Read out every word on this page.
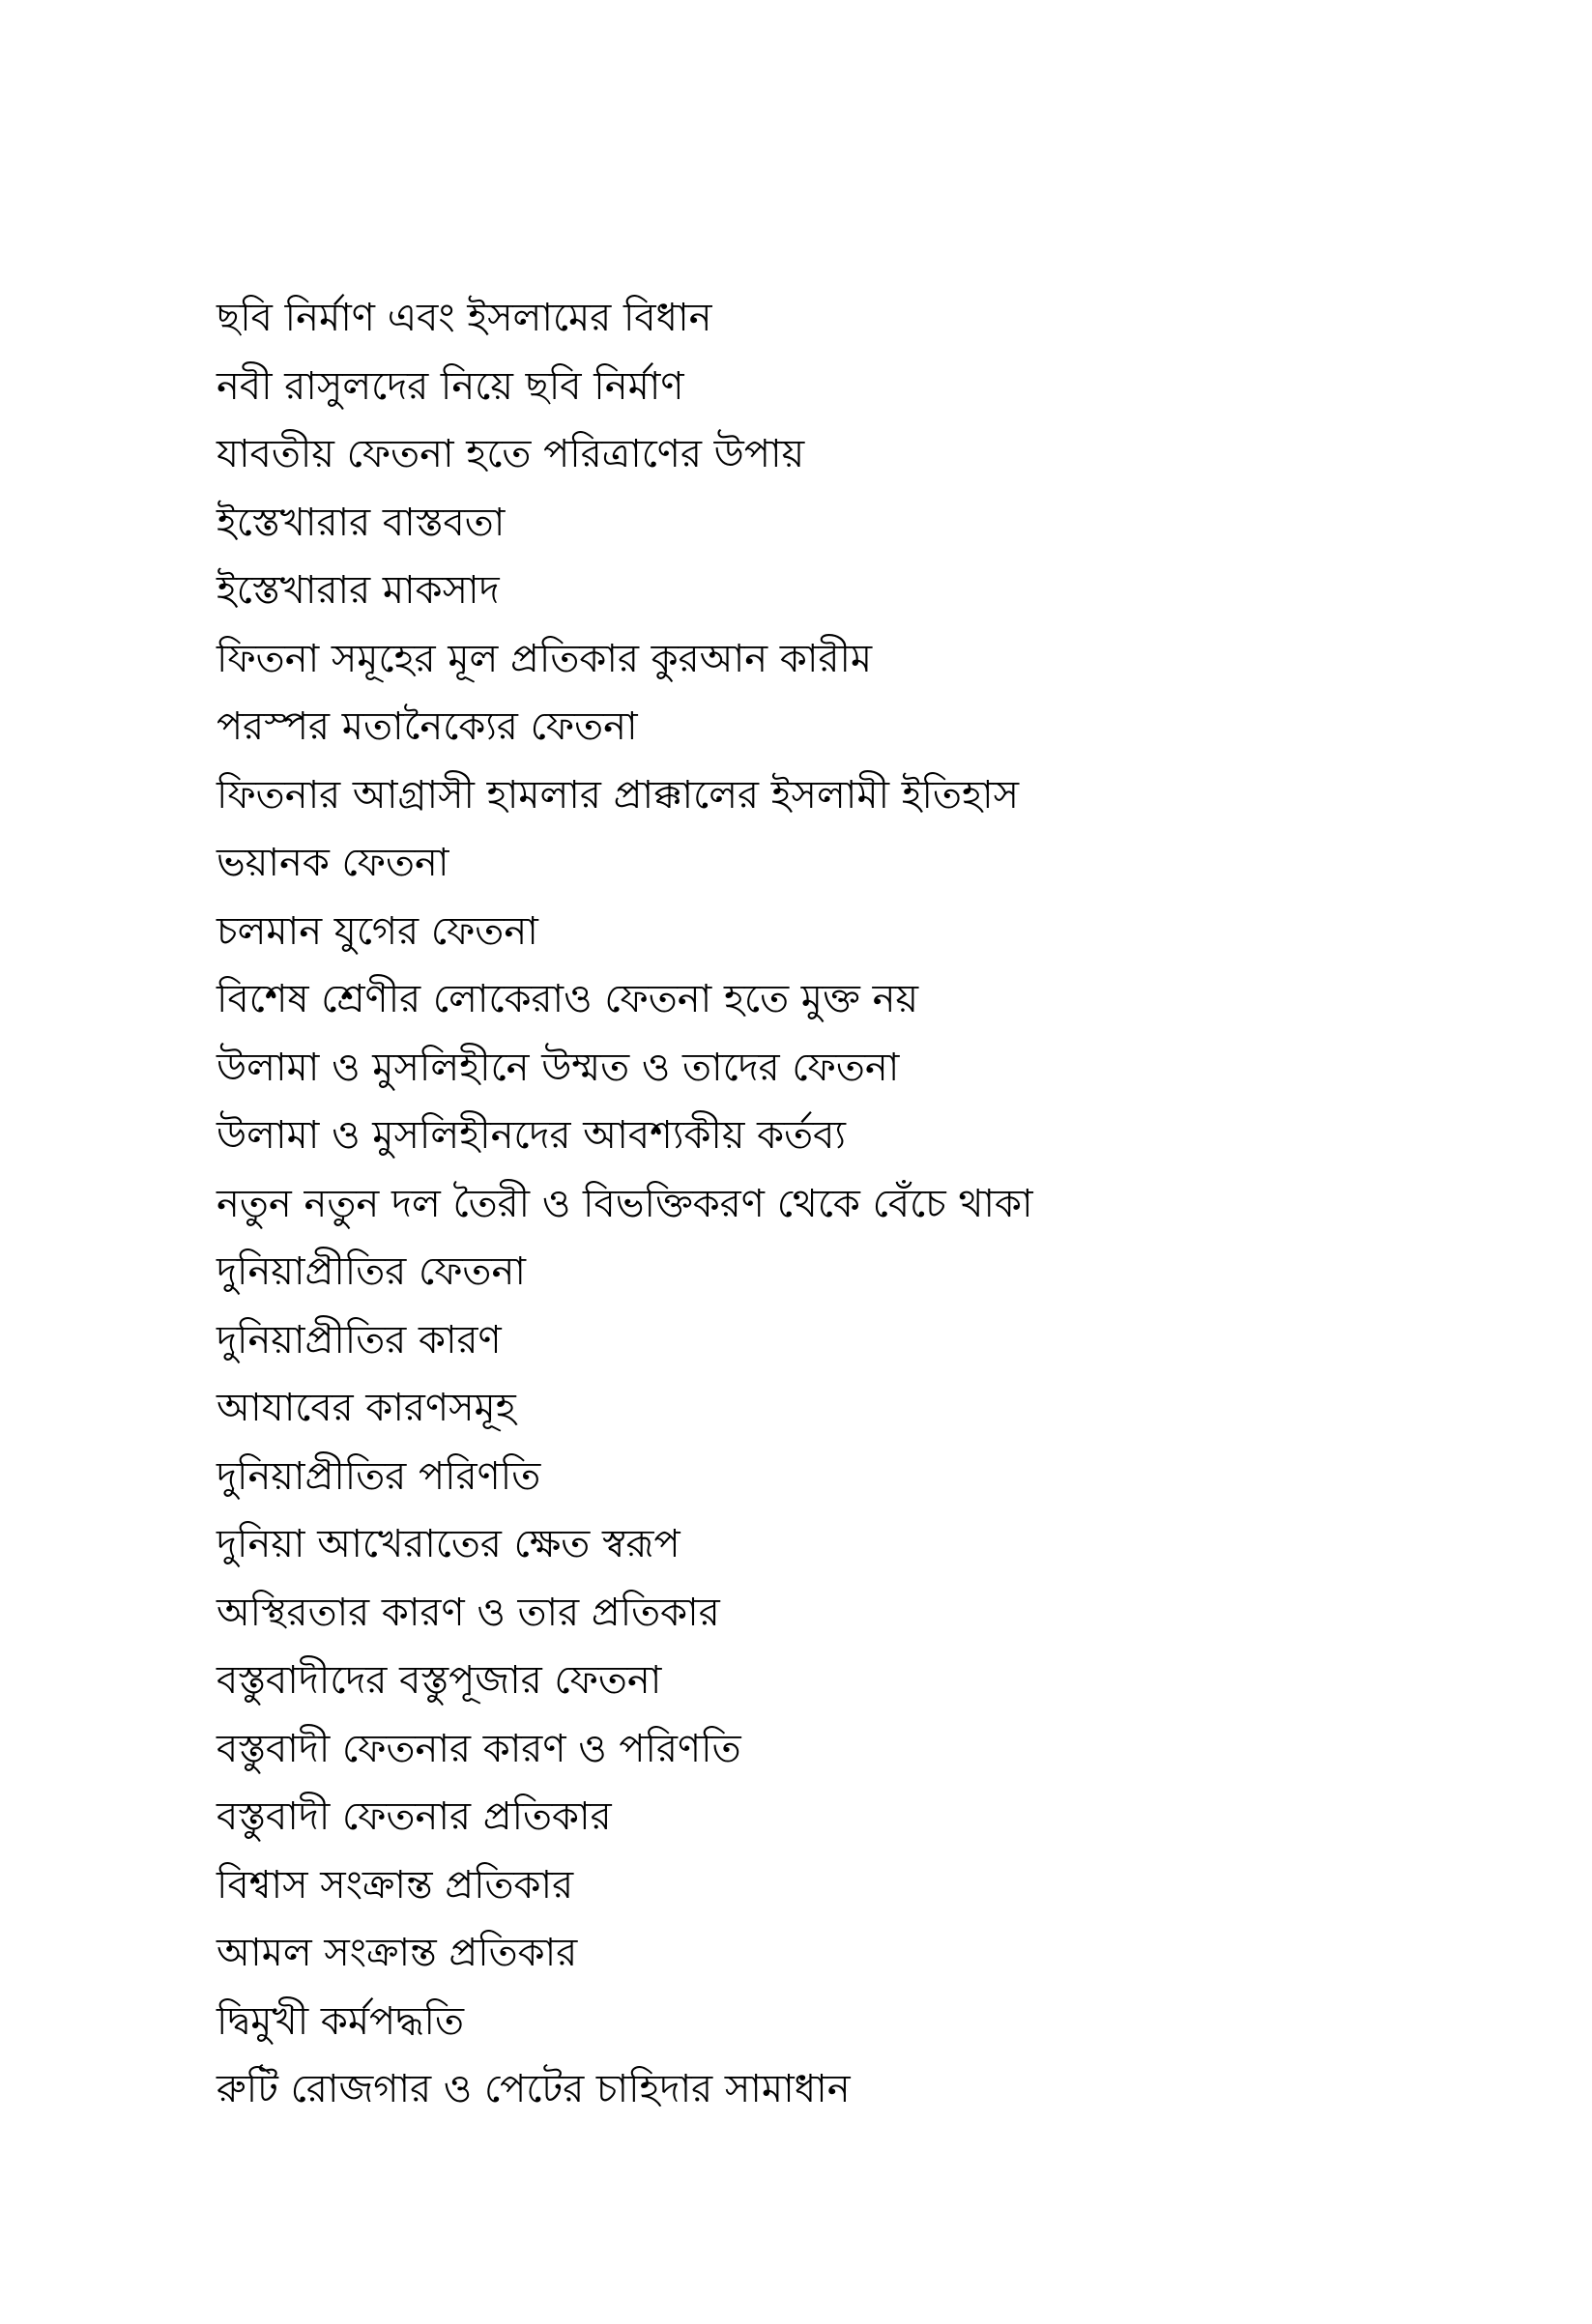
ছবি নির্মাণ এবং ইসলামের বিধান
নবী রাসুলদের নিয়ে ছবি নির্মাণ
যাবতীয় ফেতনা হতে পরিত্রাণের উপায়
ইস্তেখারার বাস্তবতা
ইস্তেখারার মাকসাদ
ফিতনা সমূহের মূল প্রতিকার কুরআন কারীম
পরস্পর মতানৈক্যের ফেতনা
ফিতনার আগ্রাসী হামলার প্রাক্কালের ইসলামী ইতিহাস
ভয়ানক ফেতনা
চলমান যুগের ফেতনা
বিশেষ শ্রেণীর লোকেরাও ফেতনা হতে মুক্ত নয়
উলামা ও মুসলিহীনে উম্মত ও তাদের ফেতনা
উলামা ও মুসলিহীনদের আবশ্যকীয় কর্তব্য
নতুন নতুন দল তৈরী ও বিভক্তিকরণ থেকে বেঁচে থাকা
দুনিয়াপ্রীতির ফেতনা
দুনিয়াপ্রীতির কারণ
আযাবের কারণসমূহ
দুনিয়াপ্রীতির পরিণতি
দুনিয়া আখেরাতের ক্ষেত স্বরূপ
অস্থিরতার কারণ ও তার প্রতিকার
বস্তুবাদীদের বস্তুপূজার ফেতনা
বস্তুবাদী ফেতনার কারণ ও পরিণতি
বস্তুবাদী ফেতনার প্রতিকার
বিশ্বাস সংক্রান্ত প্রতিকার
আমল সংক্রান্ত প্রতিকার
দ্বিমুখী কর্মপদ্ধতি
রুটি রোজগার ও পেটের চাহিদার সামাধান
